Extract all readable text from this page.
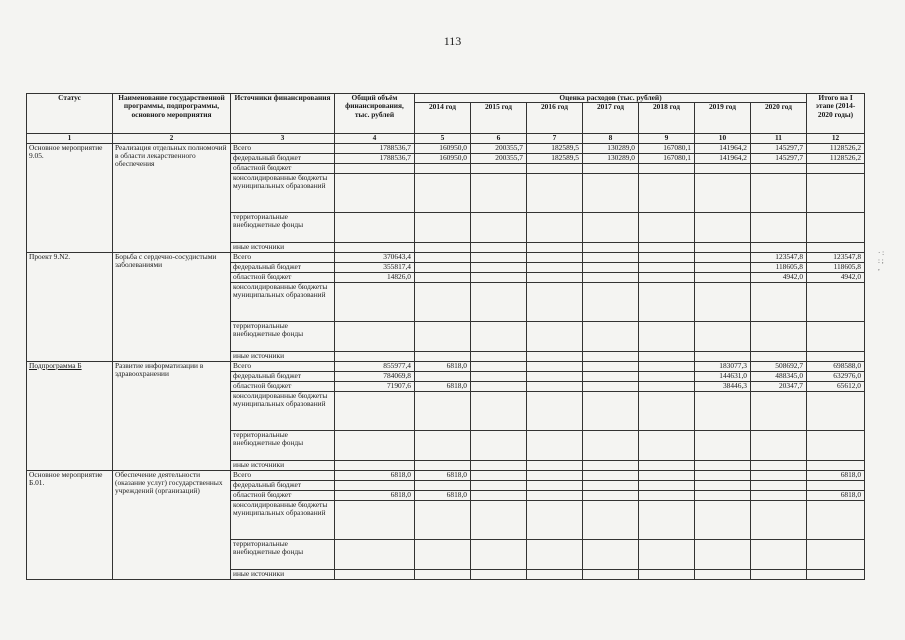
113
Статус	Наименование государственной программы, подпрограммы, основного мероприятия	Источники финансирования	Общий объём финансирования, тыс. рублей	Оценка расходов (тыс. рублей)							Итого на I этапе (2014-2020 годы)
				2014 год	2015 год	2016 год	2017 год	2018 год	2019 год	2020 год	
1	2	3	4	5	6	7	8	9	10	11	12
Основное мероприятие 9.05.	Реализация отдельных полномочий в области лекарственного обеспечения	Всего	1788536,7	160950,0	200355,7	182589,5	130289,0	167080,1	141964,2	145297,7	1128526,2
		федеральный бюджет	1788536,7	160950,0	200355,7	182589,5	130289,0	167080,1	141964,2	145297,7	1128526,2
		областной бюджет									
		консолидированные бюджеты муниципальных образований									
		территориальные внебюджетные фонды									
		иные источники									
Проект 9.N2.	Борьба с сердечно-сосудистыми заболеваниями	Всего	370643,4							123547,8	123547,8
		федеральный бюджет	355817,4							118605,8	118605,8
		областной бюджет	14826,0							4942,0	4942,0
		консолидированные бюджеты муниципальных образований									
		территориальные внебюджетные фонды									
		иные источники									
Подпрограмма Б	Развитие информатизации в здравоохранении	Всего	855977,4	6818,0					183077,3	508692,7	698588,0
		федеральный бюджет	784069,8						144631,0	488345,0	632976,0
		областной бюджет	71907,6	6818,0					38446,3	20347,7	65612,0
		консолидированные бюджеты муниципальных образований									
		территориальные внебюджетные фонды									
		иные источники									
Основное мероприятие Б.01.	Обеспечение деятельности (оказание услуг) государственных учреждений (организаций)	Всего	6818,0	6818,0							6818,0
		федеральный бюджет									
		областной бюджет	6818,0	6818,0							6818,0
		консолидированные бюджеты муниципальных образований									
		территориальные внебюджетные фонды									
		иные источники									
· :
: ;
,
